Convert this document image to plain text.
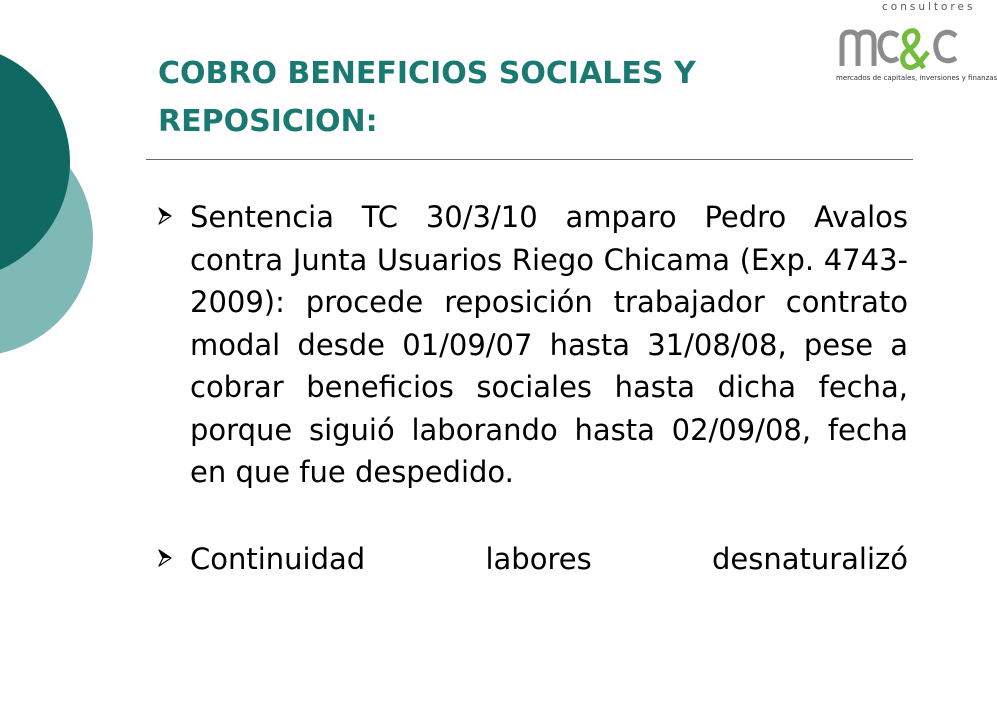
consultores
mercados de capitales, inversiones y finanzas
COBRO BENEFICIOS SOCIALES Y
REPOSICION:
Sentencia TC 30/3/10 amparo Pedro Avalos contra Junta Usuarios Riego Chicama (Exp. 4743-2009): procede reposición trabajador contrato modal desde 01/09/07 hasta 31/08/08, pese a cobrar beneficios sociales hasta dicha fecha, porque siguió laborando hasta 02/09/08, fecha en que fue despedido.
Continuidad labores desnaturalizó
